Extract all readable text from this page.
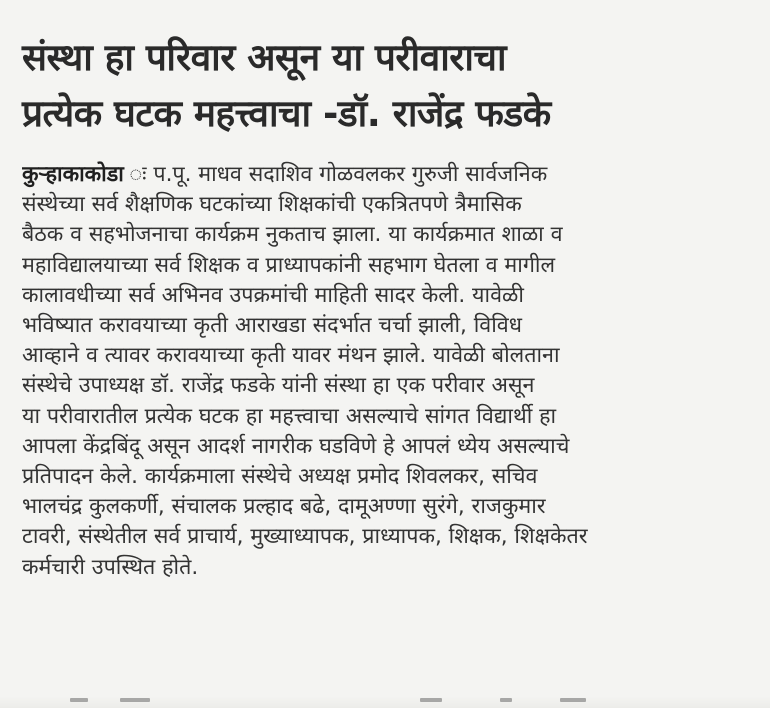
संस्था हा परिवार असून या परीवाराचा
प्रत्येक घटक महत्त्वाचा -डॉ. राजेंद्र फडके
कुऱ्हाकाकोडा ः प.पू. माधव सदाशिव गोळवलकर गुरुजी सार्वजनिक
संस्थेच्या सर्व शैक्षणिक घटकांच्या शिक्षकांची एकत्रितपणे त्रैमासिक
बैठक व सहभोजनाचा कार्यक्रम नुकताच झाला. या कार्यक्रमात शाळा व
महाविद्यालयाच्या सर्व शिक्षक व प्राध्यापकांनी सहभाग घेतला व मागील
कालावधीच्या सर्व अभिनव उपक्रमांची माहिती सादर केली. यावेळी
भविष्यात करावयाच्या कृती आराखडा संदर्भात चर्चा झाली, विविध
आव्हाने व त्यावर करावयाच्या कृती यावर मंथन झाले. यावेळी बोलताना
संस्थेचे उपाध्यक्ष डॉ. राजेंद्र फडके यांनी संस्था हा एक परीवार असून
या परीवारातील प्रत्येक घटक हा महत्त्वाचा असल्याचे सांगत विद्यार्थी हा
आपला केंद्रबिंदू असून आदर्श नागरीक घडविणे हे आपलं ध्येय असल्याचे
प्रतिपादन केले. कार्यक्रमाला संस्थेचे अध्यक्ष प्रमोद शिवलकर, सचिव
भालचंद्र कुलकर्णी, संचालक प्रल्हाद बढे, दामूअण्णा सुरंगे, राजकुमार
टावरी, संस्थेतील सर्व प्राचार्य, मुख्याध्यापक, प्राध्यापक, शिक्षक, शिक्षकेतर
कर्मचारी उपस्थित होते.
